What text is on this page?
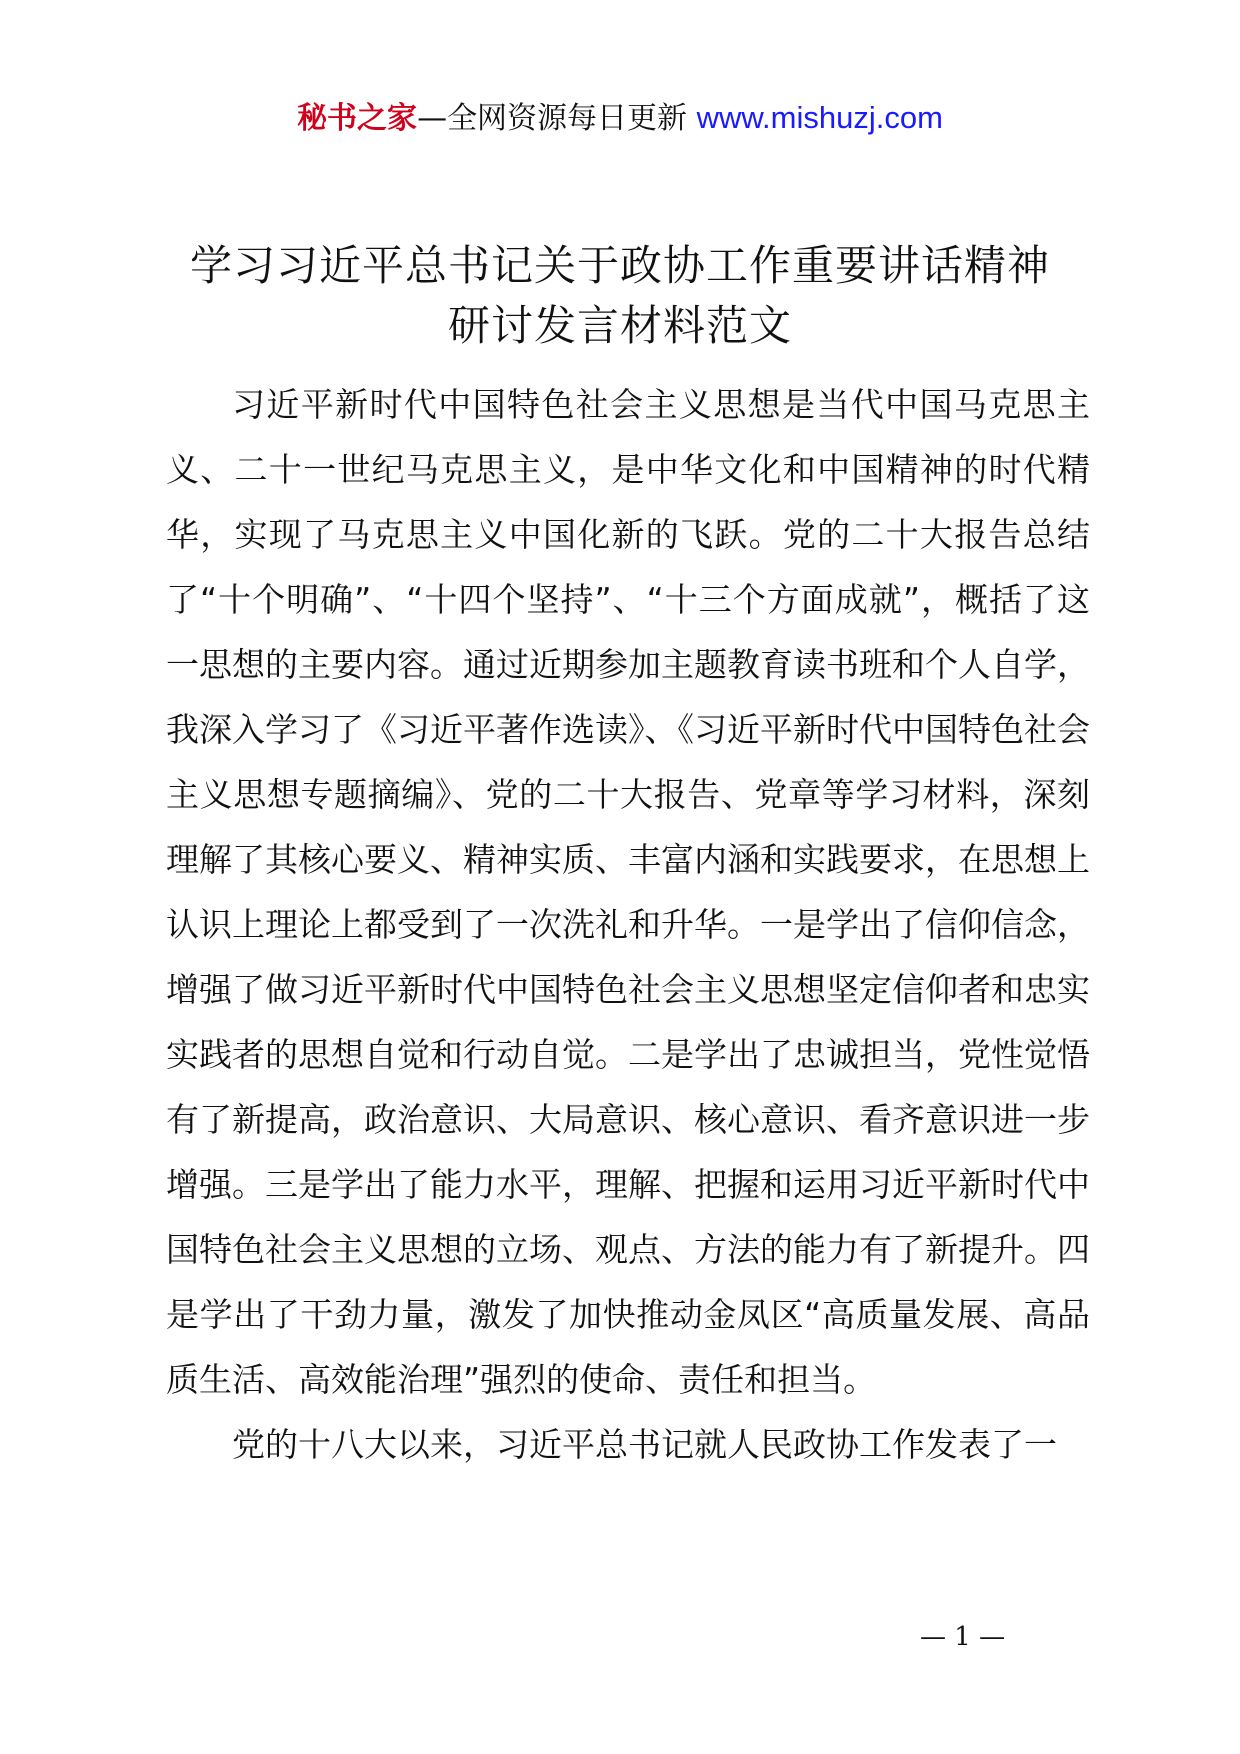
秘书之家—全网资源每日更新 www.mishuzj.com
学习习近平总书记关于政协工作重要讲话精神
研讨发言材料范文

习近平新时代中国特色社会主义思想是当代中国马克思主义、二十一世纪马克思主义，是中华文化和中国精神的时代精华，实现了马克思主义中国化新的飞跃。党的二十大报告总结了“十个明确”、“十四个坚持”、“十三个方面成就”，概括了这一思想的主要内容。通过近期参加主题教育读书班和个人自学，我深入学习了《习近平著作选读》、《习近平新时代中国特色社会主义思想专题摘编》、党的二十大报告、党章等学习材料，深刻理解了其核心要义、精神实质、丰富内涵和实践要求，在思想上认识上理论上都受到了一次洗礼和升华。一是学出了信仰信念，增强了做习近平新时代中国特色社会主义思想坚定信仰者和忠实实践者的思想自觉和行动自觉。二是学出了忠诚担当，党性觉悟有了新提高，政治意识、大局意识、核心意识、看齐意识进一步增强。三是学出了能力水平，理解、把握和运用习近平新时代中国特色社会主义思想的立场、观点、方法的能力有了新提升。四是学出了干劲力量，激发了加快推动金凤区“高质量发展、高品质生活、高效能治理”强烈的使命、责任和担当。

党的十八大以来，习近平总书记就人民政协工作发表了一

— 1 —
